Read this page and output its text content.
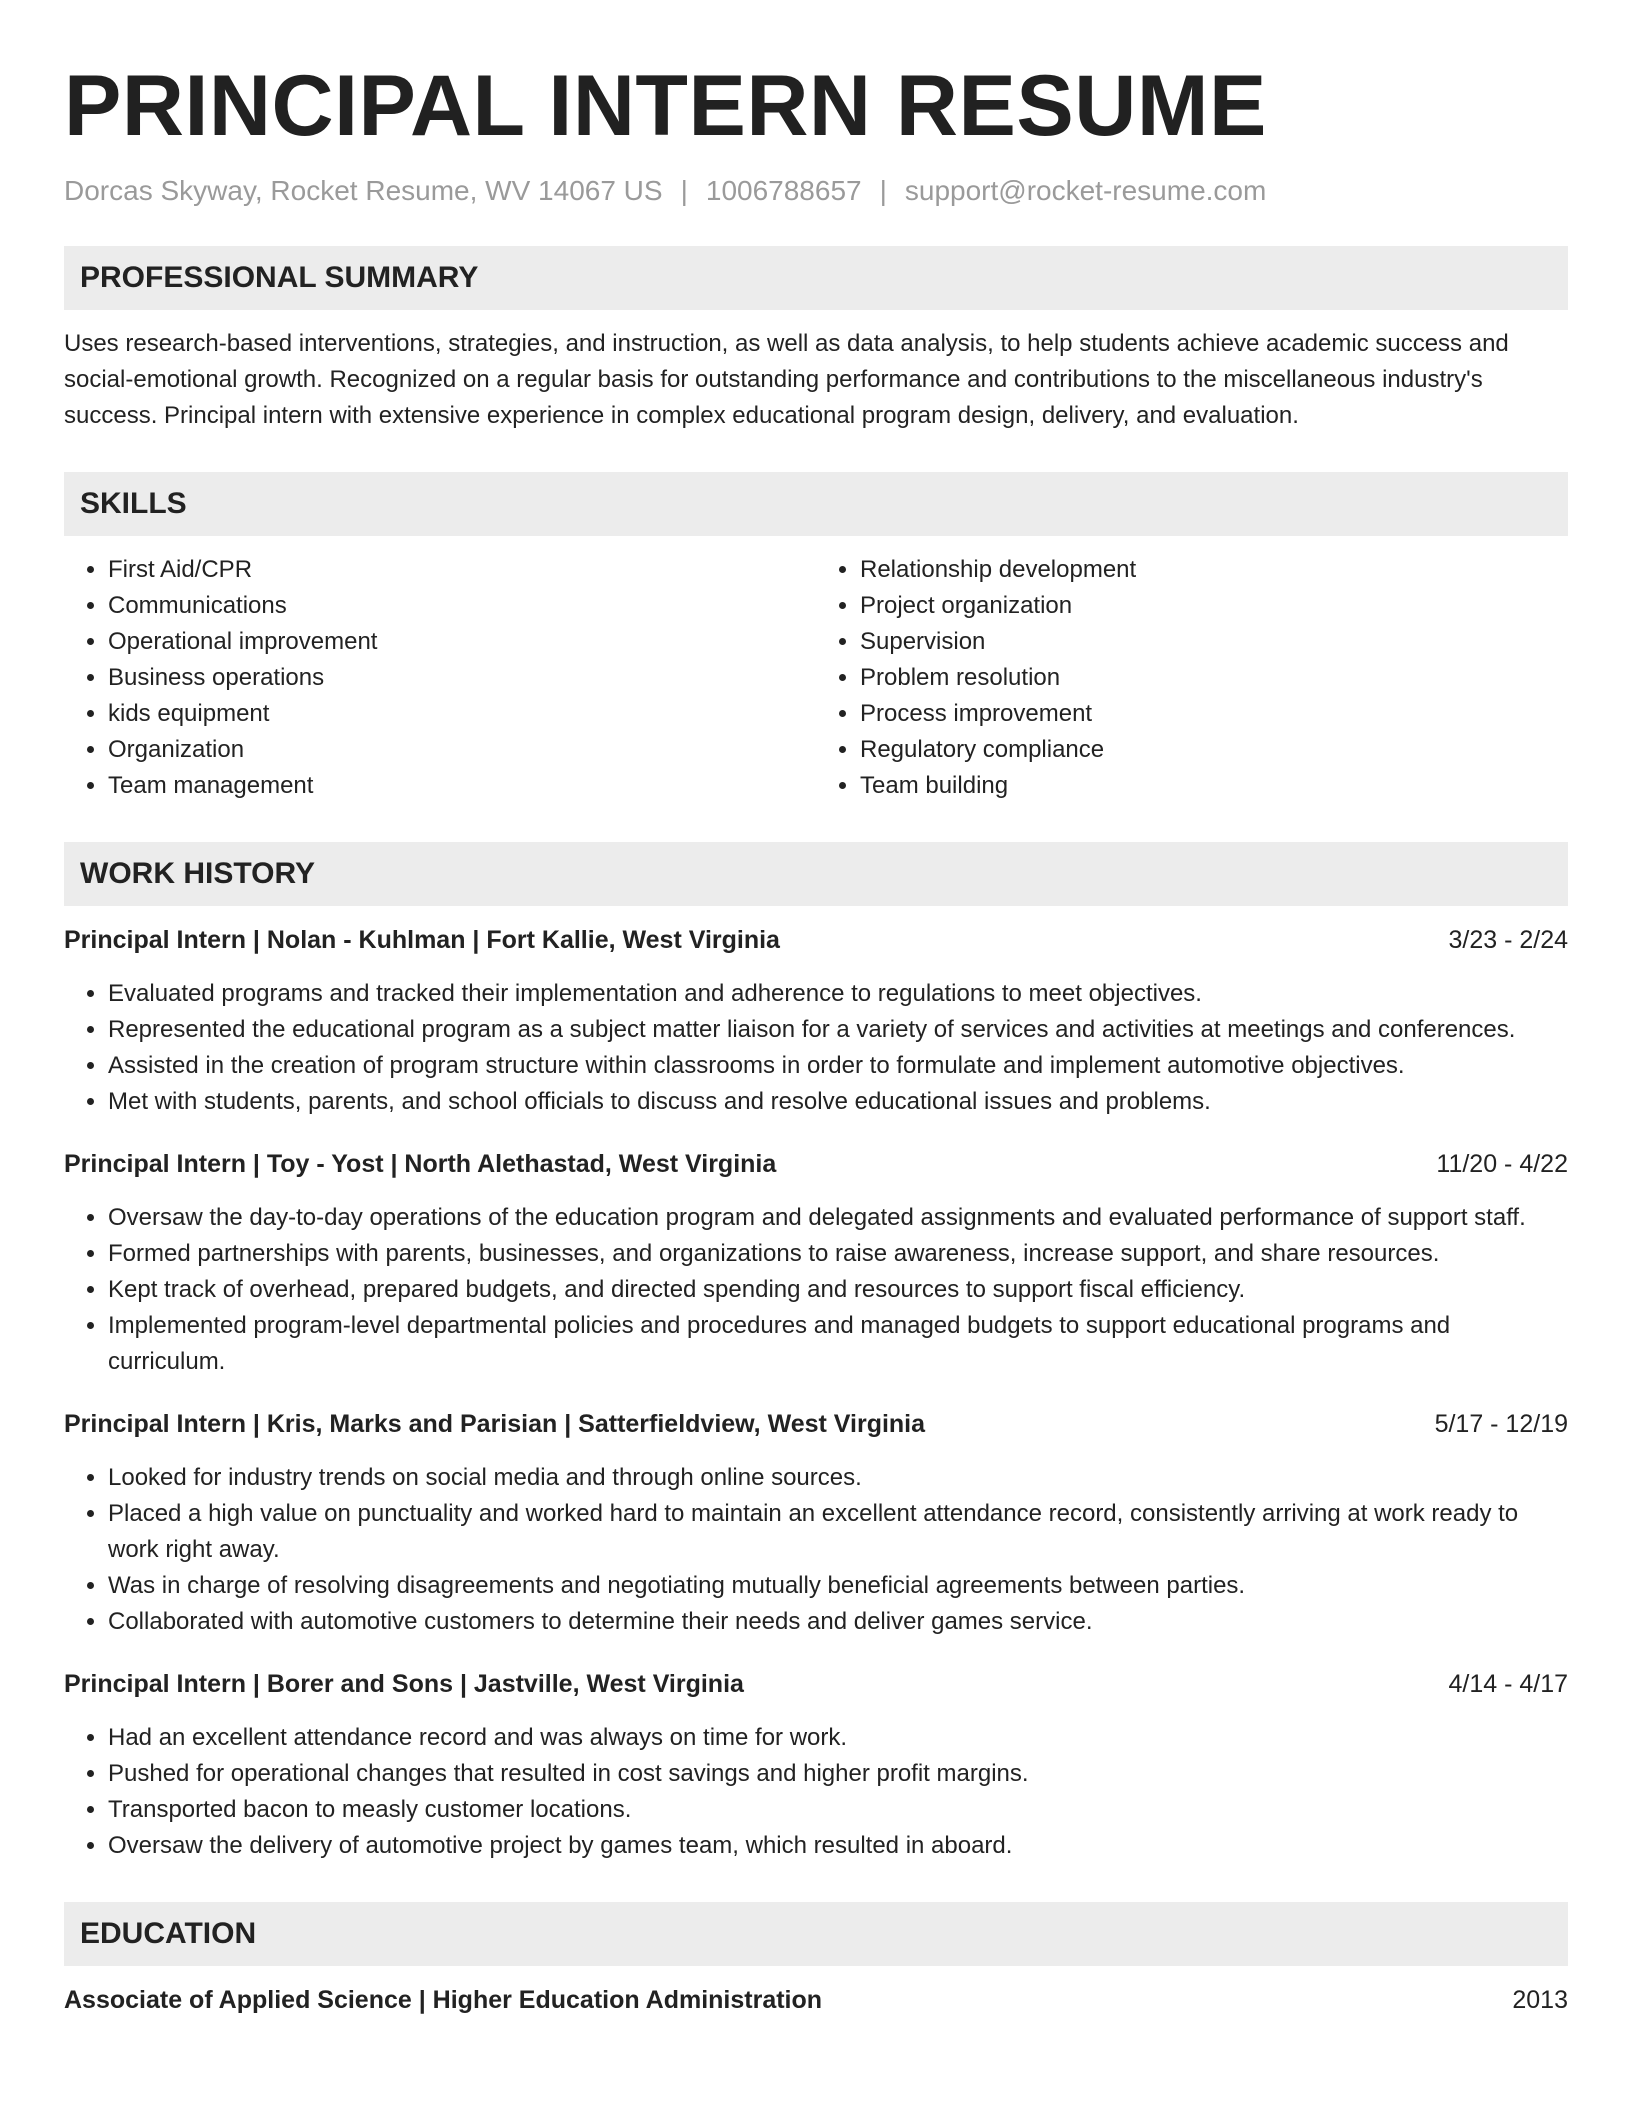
PRINCIPAL INTERN RESUME
Dorcas Skyway, Rocket Resume, WV 14067 US | 1006788657 | support@rocket-resume.com
PROFESSIONAL SUMMARY
Uses research-based interventions, strategies, and instruction, as well as data analysis, to help students achieve academic success and social-emotional growth. Recognized on a regular basis for outstanding performance and contributions to the miscellaneous industry's success. Principal intern with extensive experience in complex educational program design, delivery, and evaluation.
SKILLS
• First Aid/CPR
• Communications
• Operational improvement
• Business operations
• kids equipment
• Organization
• Team management
• Relationship development
• Project organization
• Supervision
• Problem resolution
• Process improvement
• Regulatory compliance
• Team building
WORK HISTORY
Principal Intern | Nolan - Kuhlman | Fort Kallie, West Virginia	3/23 - 2/24
• Evaluated programs and tracked their implementation and adherence to regulations to meet objectives.
• Represented the educational program as a subject matter liaison for a variety of services and activities at meetings and conferences.
• Assisted in the creation of program structure within classrooms in order to formulate and implement automotive objectives.
• Met with students, parents, and school officials to discuss and resolve educational issues and problems.
Principal Intern | Toy - Yost | North Alethastad, West Virginia	11/20 - 4/22
• Oversaw the day-to-day operations of the education program and delegated assignments and evaluated performance of support staff.
• Formed partnerships with parents, businesses, and organizations to raise awareness, increase support, and share resources.
• Kept track of overhead, prepared budgets, and directed spending and resources to support fiscal efficiency.
• Implemented program-level departmental policies and procedures and managed budgets to support educational programs and curriculum.
Principal Intern | Kris, Marks and Parisian | Satterfieldview, West Virginia	5/17 - 12/19
• Looked for industry trends on social media and through online sources.
• Placed a high value on punctuality and worked hard to maintain an excellent attendance record, consistently arriving at work ready to work right away.
• Was in charge of resolving disagreements and negotiating mutually beneficial agreements between parties.
• Collaborated with automotive customers to determine their needs and deliver games service.
Principal Intern | Borer and Sons | Jastville, West Virginia	4/14 - 4/17
• Had an excellent attendance record and was always on time for work.
• Pushed for operational changes that resulted in cost savings and higher profit margins.
• Transported bacon to measly customer locations.
• Oversaw the delivery of automotive project by games team, which resulted in aboard.
EDUCATION
Associate of Applied Science | Higher Education Administration	2013
